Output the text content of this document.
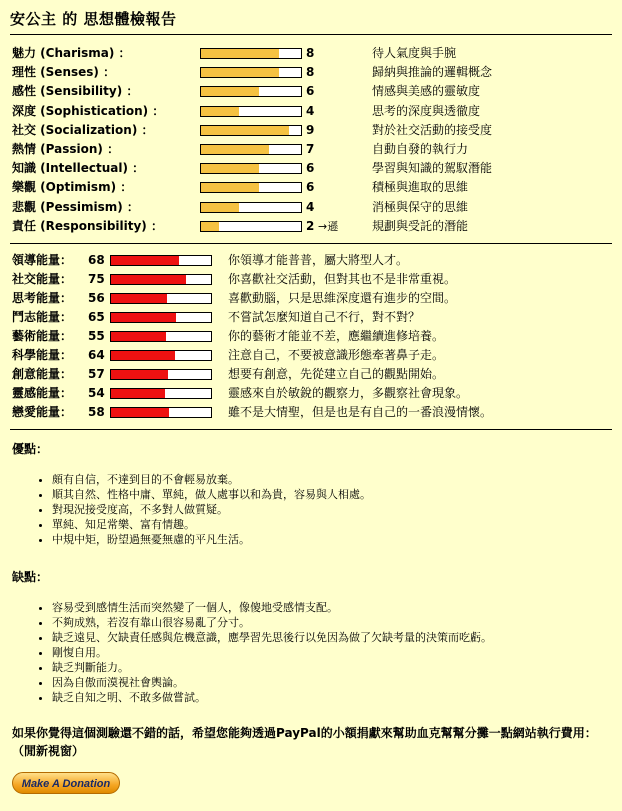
安公主 的 思想體檢報告
魅力 (Charisma) ：	8	待人氣度與手腕
理性 (Senses) ：	8	歸納與推論的邏輯概念
感性 (Sensibility) ：	6	情感與美感的靈敏度
深度 (Sophistication) ：	4	思考的深度與透徹度
社交 (Socialization) ：	9	對於社交活動的接受度
熱情 (Passion) ：	7	自動自發的執行力
知識 (Intellectual) ：	6	學習與知識的駕馭潛能
樂觀 (Optimism) ：	6	積極與進取的思維
悲觀 (Pessimism) ：	4	消極與保守的思維
責任 (Responsibility) ：	2 →遜	規劃與受託的潛能
領導能量： 68	你領導才能普普，屬大將型人才。
社交能量： 75	你喜歡社交活動，但對其也不是非常重視。
思考能量： 56	喜歡動腦，只是思維深度還有進步的空間。
鬥志能量： 65	不嘗試怎麼知道自己不行，對不對？
藝術能量： 55	你的藝術才能並不差，應繼續進修培養。
科學能量： 64	注意自己，不要被意識形態牽著鼻子走。
創意能量： 57	想要有創意，先從建立自己的觀點開始。
靈感能量： 54	靈感來自於敏銳的觀察力，多觀察社會現象。
戀愛能量： 58	雖不是大情聖，但是也是有自己的一番浪漫情懷。
優點：
• 頗有自信，不達到目的不會輕易放棄。
• 順其自然、性格中庸、單純，做人處事以和為貴，容易與人相處。
• 對現況接受度高，不多對人做質疑。
• 單純、知足常樂、富有情趣。
• 中規中矩，盼望過無憂無慮的平凡生活。
缺點：
• 容易受到感情生活而突然變了一個人，像傻地受感情支配。
• 不夠成熟，若沒有靠山很容易亂了分寸。
• 缺乏遠見、欠缺責任感與危機意識，應學習先思後行以免因為做了欠缺考量的決策而吃虧。
• 剛愎自用。
• 缺乏判斷能力。
• 因為自傲而漠視社會輿論。
• 缺乏自知之明、不敢多做嘗試。
如果你覺得這個測驗還不錯的話，希望您能夠透過PayPal的小額捐獻來幫助血克幫幫分攤一點網站執行費用：（閒新視窗）
Make A Donation
